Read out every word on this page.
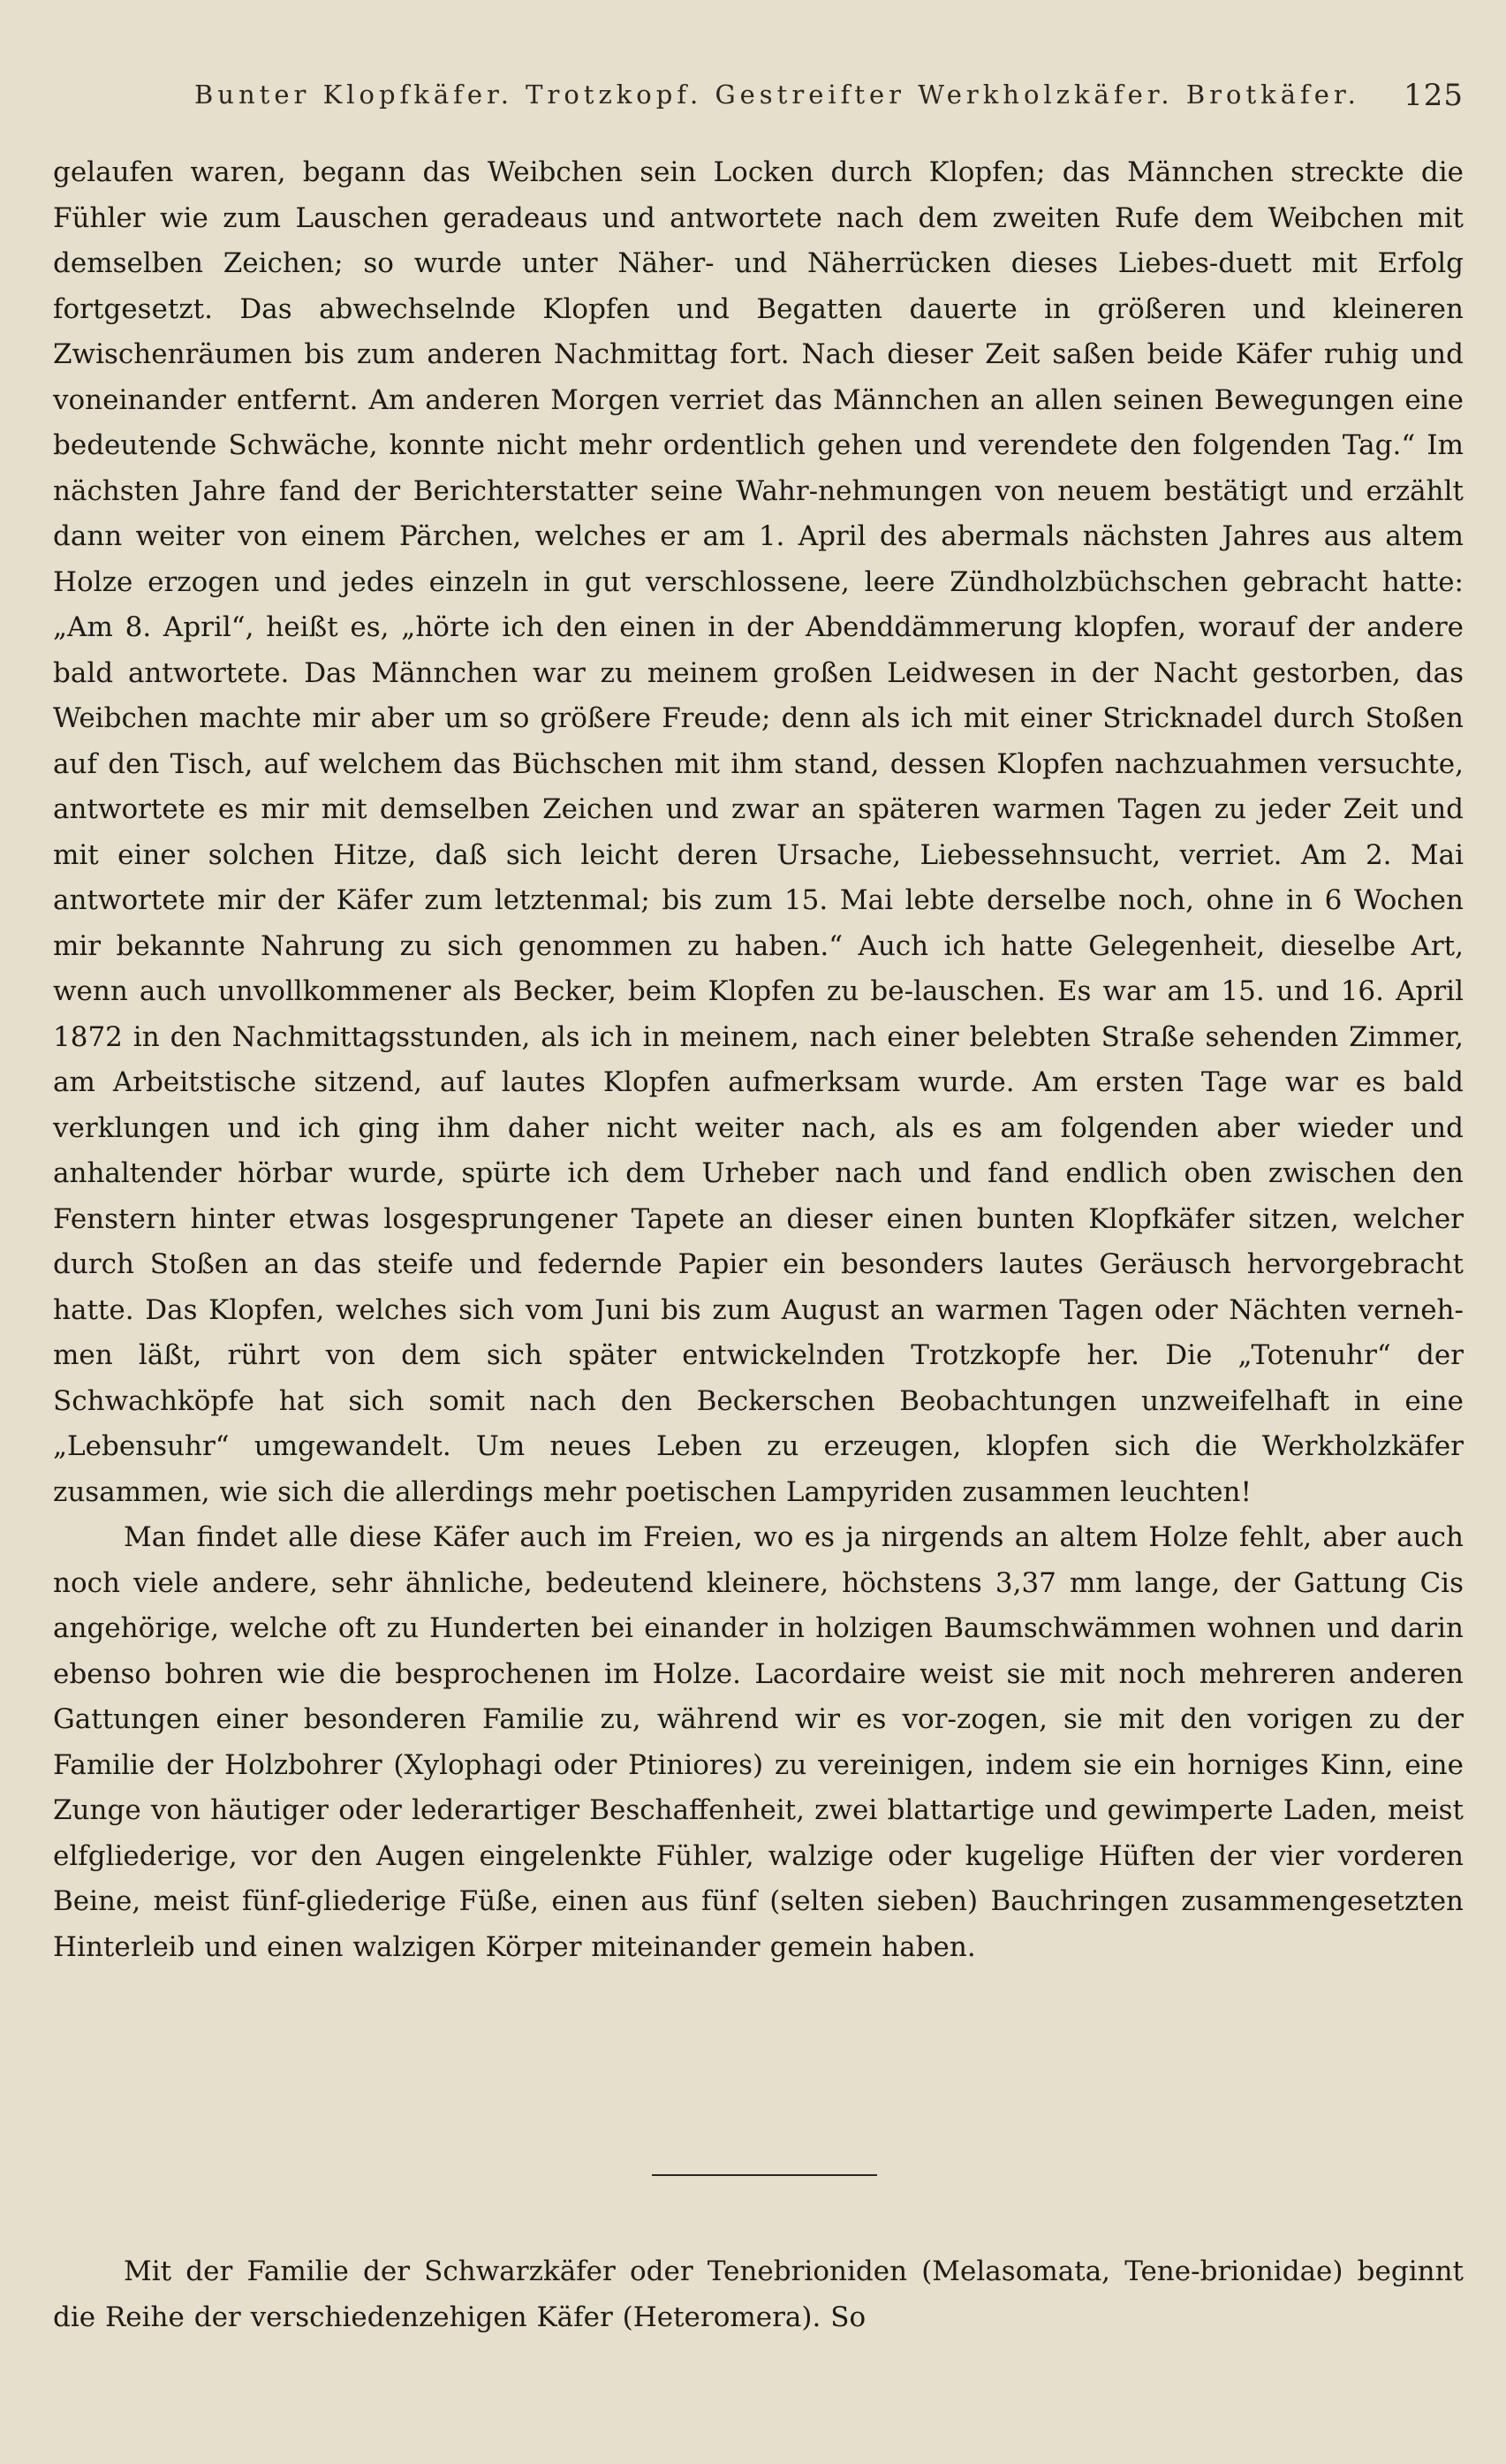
Bunter Klopfkäfer. Trotzkopf. Gestreifter Werkholzkäfer. Brotkäfer. 125

gelaufen waren, begann das Weibchen sein Locken durch Klopfen; das Männchen streckte die Fühler wie zum Lauschen geradeaus und antwortete nach dem zweiten Rufe dem Weibchen mit demselben Zeichen; so wurde unter Näher- und Näherrücken dieses Liebes-duett mit Erfolg fortgesetzt. Das abwechselnde Klopfen und Begatten dauerte in größeren und kleineren Zwischenräumen bis zum anderen Nachmittag fort. Nach dieser Zeit saßen beide Käfer ruhig und voneinander entfernt. Am anderen Morgen verriet das Männchen an allen seinen Bewegungen eine bedeutende Schwäche, konnte nicht mehr ordentlich gehen und verendete den folgenden Tag.“ Im nächsten Jahre fand der Berichterstatter seine Wahr-nehmungen von neuem bestätigt und erzählt dann weiter von einem Pärchen, welches er am 1. April des abermals nächsten Jahres aus altem Holze erzogen und jedes einzeln in gut verschlossene, leere Zündholzbüchschen gebracht hatte: „Am 8. April“, heißt es, „hörte ich den einen in der Abenddämmerung klopfen, worauf der andere bald antwortete. Das Männchen war zu meinem großen Leidwesen in der Nacht gestorben, das Weibchen machte mir aber um so größere Freude; denn als ich mit einer Stricknadel durch Stoßen auf den Tisch, auf welchem das Büchschen mit ihm stand, dessen Klopfen nachzuahmen versuchte, antwortete es mir mit demselben Zeichen und zwar an späteren warmen Tagen zu jeder Zeit und mit einer solchen Hitze, daß sich leicht deren Ursache, Liebessehnsucht, verriet. Am 2. Mai antwortete mir der Käfer zum letztenmal; bis zum 15. Mai lebte derselbe noch, ohne in 6 Wochen mir bekannte Nahrung zu sich genommen zu haben.“ Auch ich hatte Gelegenheit, dieselbe Art, wenn auch unvollkommener als Becker, beim Klopfen zu be-lauschen. Es war am 15. und 16. April 1872 in den Nachmittagsstunden, als ich in meinem, nach einer belebten Straße sehenden Zimmer, am Arbeitstische sitzend, auf lautes Klopfen aufmerksam wurde. Am ersten Tage war es bald verklungen und ich ging ihm daher nicht weiter nach, als es am folgenden aber wieder und anhaltender hörbar wurde, spürte ich dem Urheber nach und fand endlich oben zwischen den Fenstern hinter etwas losgesprungener Tapete an dieser einen bunten Klopfkäfer sitzen, welcher durch Stoßen an das steife und federnde Papier ein besonders lautes Geräusch hervorgebracht hatte. Das Klopfen, welches sich vom Juni bis zum August an warmen Tagen oder Nächten verneh-men läßt, rührt von dem sich später entwickelnden Trotzkopfe her. Die „Totenuhr“ der Schwachköpfe hat sich somit nach den Beckerschen Beobachtungen unzweifelhaft in eine „Lebensuhr“ umgewandelt. Um neues Leben zu erzeugen, klopfen sich die Werkholzkäfer zusammen, wie sich die allerdings mehr poetischen Lampyriden zusammen leuchten!

Man findet alle diese Käfer auch im Freien, wo es ja nirgends an altem Holze fehlt, aber auch noch viele andere, sehr ähnliche, bedeutend kleinere, höchstens 3,37 mm lange, der Gattung Cis angehörige, welche oft zu Hunderten bei einander in holzigen Baumschwämmen wohnen und darin ebenso bohren wie die besprochenen im Holze. Lacordaire weist sie mit noch mehreren anderen Gattungen einer besonderen Familie zu, während wir es vor-zogen, sie mit den vorigen zu der Familie der Holzbohrer (Xylophagi oder Ptiniores) zu vereinigen, indem sie ein horniges Kinn, eine Zunge von häutiger oder lederartiger Beschaffenheit, zwei blattartige und gewimperte Laden, meist elfgliederige, vor den Augen eingelenkte Fühler, walzige oder kugelige Hüften der vier vorderen Beine, meist fünf-gliederige Füße, einen aus fünf (selten sieben) Bauchringen zusammengesetzten Hinterleib und einen walzigen Körper miteinander gemein haben.

Mit der Familie der Schwarzkäfer oder Tenebrioniden (Melasomata, Tene-brionidae) beginnt die Reihe der verschiedenzehigen Käfer (Heteromera). So
